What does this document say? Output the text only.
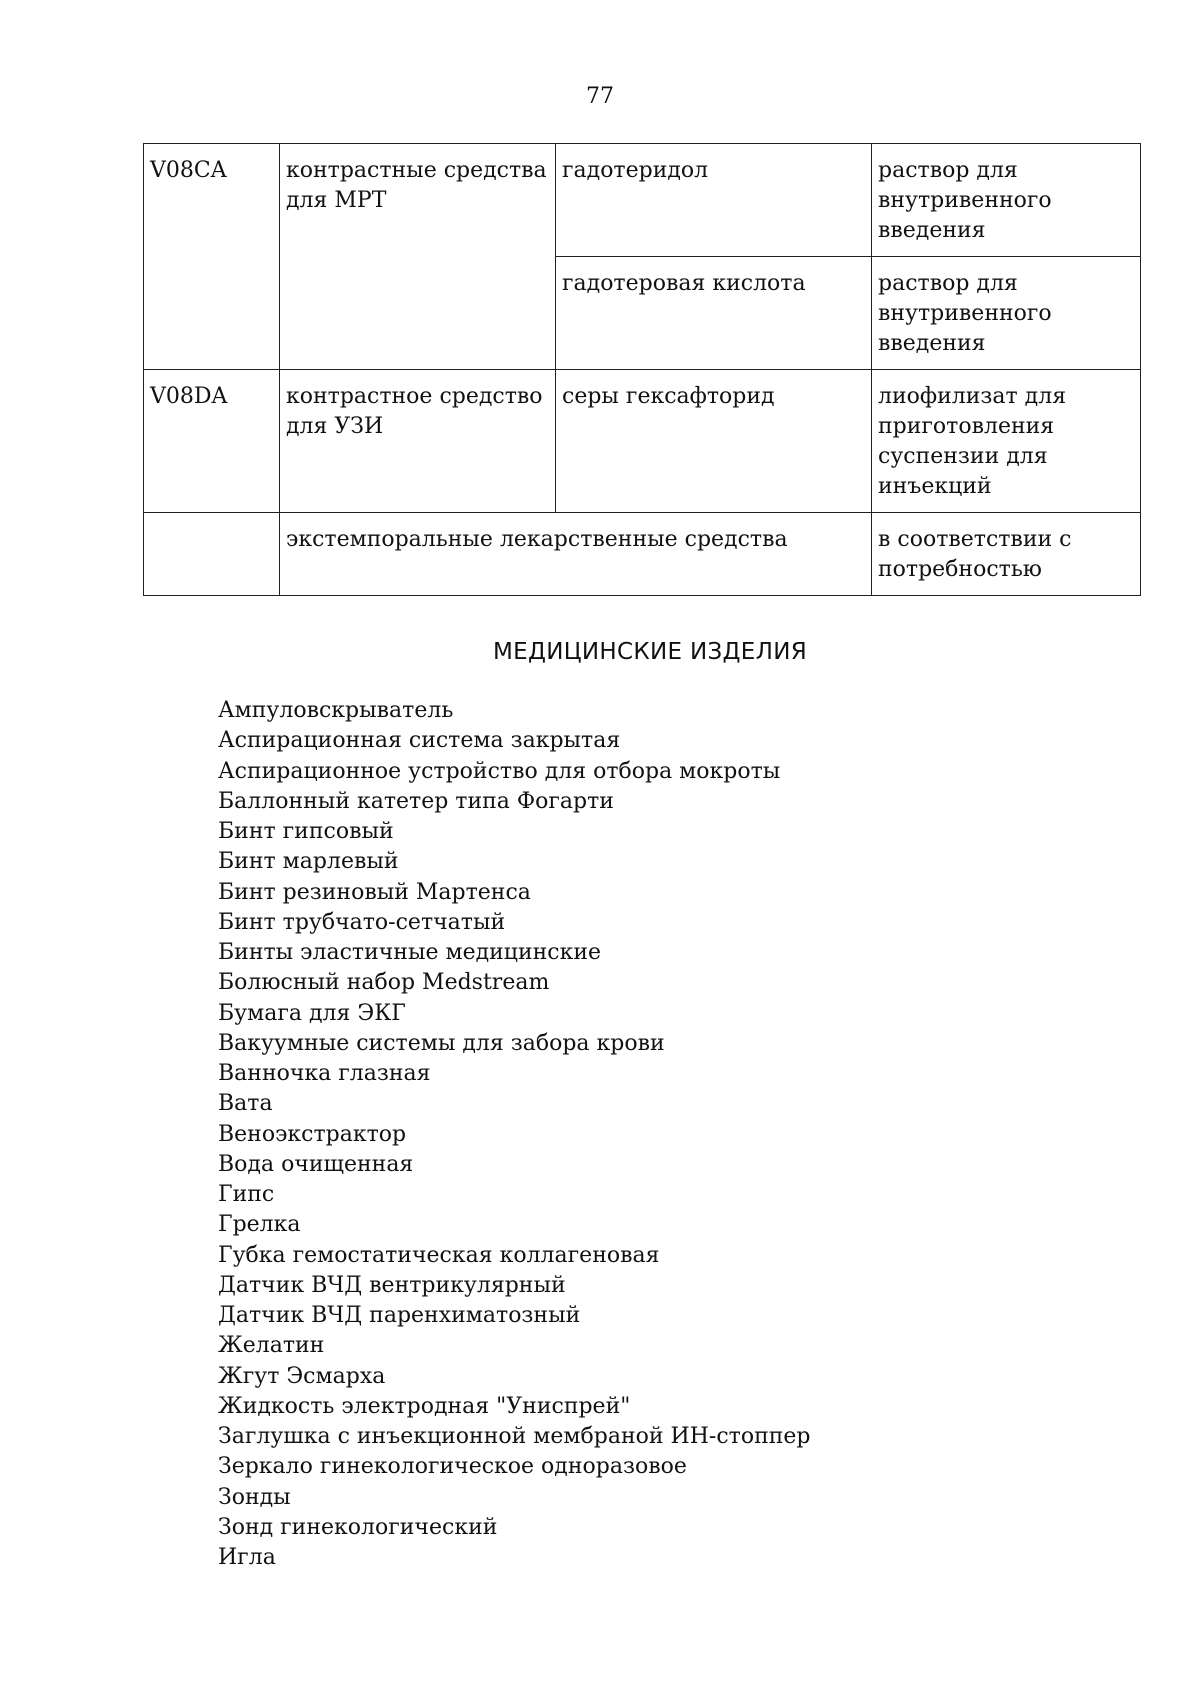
77
V08CA	контрастные средства для МРТ	гадотеридол	раствор для внутривенного введения
		гадотеровая кислота	раствор для внутривенного введения
V08DA	контрастное средство для УЗИ	серы гексафторид	лиофилизат для приготовления суспензии для инъекций
	экстемпоральные лекарственные средства		в соответствии с потребностью
МЕДИЦИНСКИЕ ИЗДЕЛИЯ
Ампуловскрыватель
Аспирационная система закрытая
Аспирационное устройство для отбора мокроты
Баллонный катетер типа Фогарти
Бинт гипсовый
Бинт марлевый
Бинт резиновый Мартенса
Бинт трубчато-сетчатый
Бинты эластичные медицинские
Болюсный набор Medstream
Бумага для ЭКГ
Вакуумные системы для забора крови
Ванночка глазная
Вата
Веноэкстрактор
Вода очищенная
Гипс
Грелка
Губка гемостатическая коллагеновая
Датчик ВЧД вентрикулярный
Датчик ВЧД паренхиматозный
Желатин
Жгут Эсмарха
Жидкость электродная "Униспрей"
Заглушка с инъекционной мембраной ИН-стоппер
Зеркало гинекологическое одноразовое
Зонды
Зонд гинекологический
Игла
